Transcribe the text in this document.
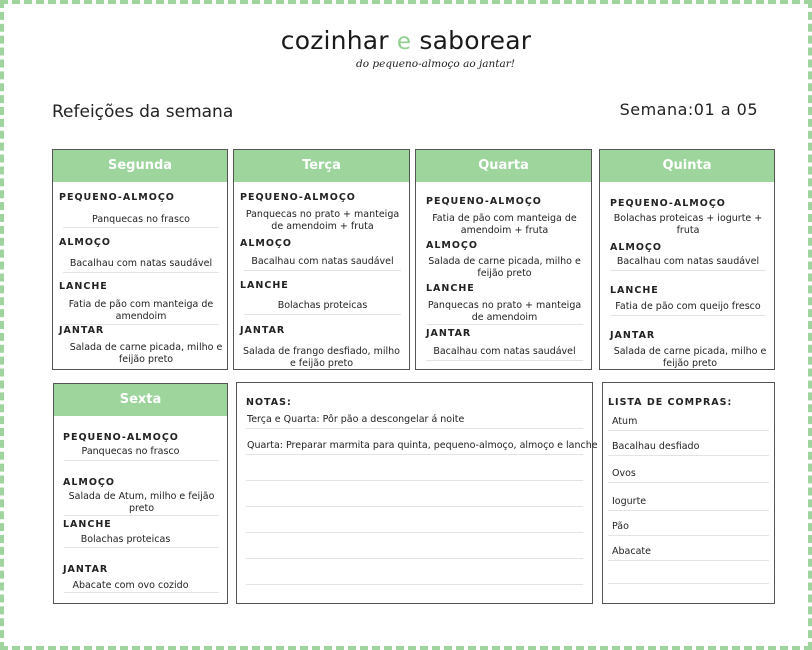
cozinhar e saborear
do pequeno-almoço ao jantar!
Refeições da semana	Semana:01 a 05
Segunda
PEQUENO-ALMOÇO
Panquecas no frasco
ALMOÇO
Bacalhau com natas saudável
LANCHE
Fatia de pão com manteiga de amendoim
JANTAR
Salada de carne picada, milho e feijão preto
Terça
PEQUENO-ALMOÇO
Panquecas no prato + manteiga de amendoim + fruta
ALMOÇO
Bacalhau com natas saudável
LANCHE
Bolachas proteicas
JANTAR
Salada de frango desfiado, milho e feijão preto
Quarta
PEQUENO-ALMOÇO
Fatia de pão com manteiga de amendoim + fruta
ALMOÇO
Salada de carne picada, milho e feijão preto
LANCHE
Panquecas no prato + manteiga de amendoim
JANTAR
Bacalhau com natas saudável
Quinta
PEQUENO-ALMOÇO
Bolachas proteicas + iogurte + fruta
ALMOÇO
Bacalhau com natas saudável
LANCHE
Fatia de pão com queijo fresco
JANTAR
Salada de carne picada, milho e feijão preto
Sexta
PEQUENO-ALMOÇO
Panquecas no frasco
ALMOÇO
Salada de Atum, milho e feijão preto
LANCHE
Bolachas proteicas
JANTAR
Abacate com ovo cozido
NOTAS:
Terça e Quarta: Pôr pão a descongelar á noite
Quarta: Preparar marmita para quinta, pequeno-almoço, almoço e lanche
LISTA DE COMPRAS:
Atum
Bacalhau desfiado
Ovos
Iogurte
Pão
Abacate
